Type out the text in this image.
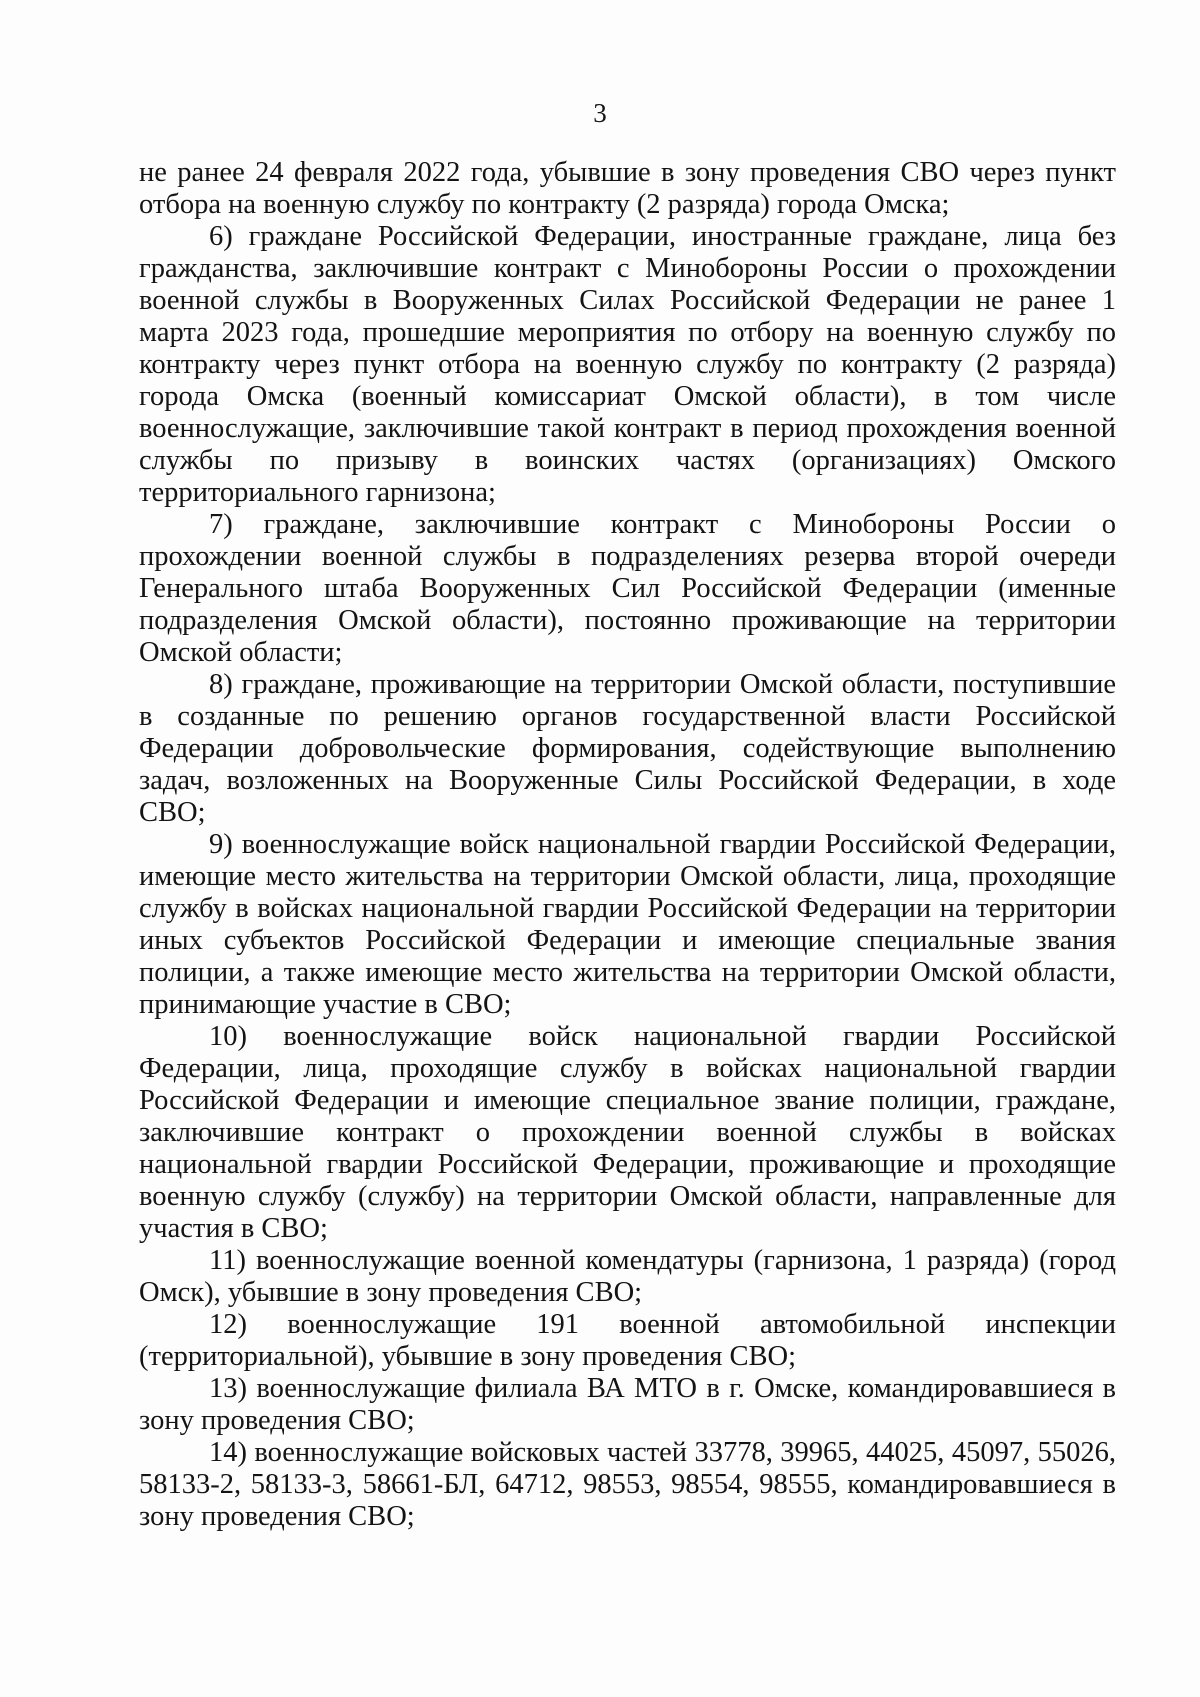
3

не ранее 24 февраля 2022 года, убывшие в зону проведения СВО через пункт отбора на военную службу по контракту (2 разряда) города Омска;

6) граждане Российской Федерации, иностранные граждане, лица без гражданства, заключившие контракт с Минобороны России о прохождении военной службы в Вооруженных Силах Российской Федерации не ранее 1 марта 2023 года, прошедшие мероприятия по отбору на военную службу по контракту через пункт отбора на военную службу по контракту (2 разряда) города Омска (военный комиссариат Омской области), в том числе военнослужащие, заключившие такой контракт в период прохождения военной службы по призыву в воинских частях (организациях) Омского территориального гарнизона;

7) граждане, заключившие контракт с Минобороны России о прохождении военной службы в подразделениях резерва второй очереди Генерального штаба Вооруженных Сил Российской Федерации (именные подразделения Омской области), постоянно проживающие на территории Омской области;

8) граждане, проживающие на территории Омской области, поступившие в созданные по решению органов государственной власти Российской Федерации добровольческие формирования, содействующие выполнению задач, возложенных на Вооруженные Силы Российской Федерации, в ходе СВО;

9) военнослужащие войск национальной гвардии Российской Федерации, имеющие место жительства на территории Омской области, лица, проходящие службу в войсках национальной гвардии Российской Федерации на территории иных субъектов Российской Федерации и имеющие специальные звания полиции, а также имеющие место жительства на территории Омской области, принимающие участие в СВО;

10) военнослужащие войск национальной гвардии Российской Федерации, лица, проходящие службу в войсках национальной гвардии Российской Федерации и имеющие специальное звание полиции, граждане, заключившие контракт о прохождении военной службы в войсках национальной гвардии Российской Федерации, проживающие и проходящие военную службу (службу) на территории Омской области, направленные для участия в СВО;

11) военнослужащие военной комендатуры (гарнизона, 1 разряда) (город Омск), убывшие в зону проведения СВО;

12) военнослужащие 191 военной автомобильной инспекции (территориальной), убывшие в зону проведения СВО;

13) военнослужащие филиала ВА МТО в г. Омске, командировавшиеся в зону проведения СВО;

14) военнослужащие войсковых частей 33778, 39965, 44025, 45097, 55026, 58133-2, 58133-3, 58661-БЛ, 64712, 98553, 98554, 98555, командировавшиеся в зону проведения СВО;
